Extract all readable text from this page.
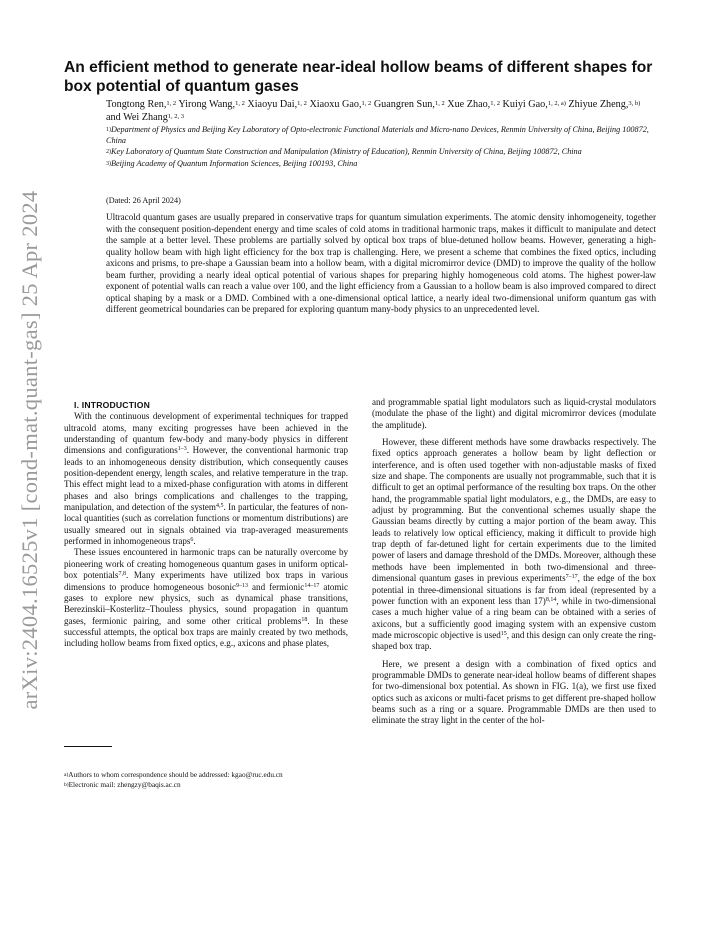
arXiv:2404.16525v1 [cond-mat.quant-gas] 25 Apr 2024
An efficient method to generate near-ideal hollow beams of different shapes for box potential of quantum gases
Tongtong Ren,$^{1, 2}$ Yirong Wang,$^{1, 2}$ Xiaoyu Dai,$^{1, 2}$ Xiaoxu Gao,$^{1, 2}$ Guangren Sun,$^{1, 2}$ Xue Zhao,$^{1, 2}$ Kuiyi Gao,$^{1, 2, a)}$ Zhiyue Zheng,$^{3, b)}$ and Wei Zhang$^{1, 2, 3}$

$^{1)}$Department of Physics and Beijing Key Laboratory of Opto-electronic Functional Materials and Micro-nano Devices, Renmin University of China, Beijing 100872, China

$^{2)}$Key Laboratory of Quantum State Construction and Manipulation (Ministry of Education), Renmin University of China, Beijing 100872, China

$^{3)}$Beijing Academy of Quantum Information Sciences, Beijing 100193, China

(Dated: 26 April 2024)

Ultracold quantum gases are usually prepared in conservative traps for quantum simulation experiments. The atomic density inhomogeneity, together with the consequent position-dependent energy and time scales of cold atoms in traditional harmonic traps, makes it difficult to manipulate and detect the sample at a better level. These problems are partially solved by optical box traps of blue-detuned hollow beams. However, generating a high-quality hollow beam with high light efficiency for the box trap is challenging. Here, we present a scheme that combines the fixed optics, including axicons and prisms, to pre-shape a Gaussian beam into a hollow beam, with a digital micromirror device (DMD) to improve the quality of the hollow beam further, providing a nearly ideal optical potential of various shapes for preparing highly homogeneous cold atoms. The highest power-law exponent of potential walls can reach a value over 100, and the light efficiency from a Gaussian to a hollow beam is also improved compared to direct optical shaping by a mask or a DMD. Combined with a one-dimensional optical lattice, a nearly ideal two-dimensional uniform quantum gas with different geometrical boundaries can be prepared for exploring quantum many-body physics to an unprecedented level.

I. INTRODUCTION

With the continuous development of experimental techniques for trapped ultracold atoms, many exciting progresses have been achieved in the understanding of quantum few-body and many-body physics in different dimensions and configurations$^{1-3}$. However, the conventional harmonic trap leads to an inhomogeneous density distribution, which consequently causes position-dependent energy, length scales, and relative temperature in the trap. This effect might lead to a mixed-phase configuration with atoms in different phases and also brings complications and challenges to the trapping, manipulation, and detection of the system$^{4,5}$. In particular, the features of non-local quantities (such as correlation functions or momentum distributions) are usually smeared out in signals obtained via trap-averaged measurements performed in inhomogeneous traps$^6$.

These issues encountered in harmonic traps can be naturally overcome by pioneering work of creating homogeneous quantum gases in uniform optical-box potentials$^{7,8}$. Many experiments have utilized box traps in various dimensions to produce homogeneous bosonic$^{9-13}$ and fermionic$^{14-17}$ atomic gases to explore new physics, such as dynamical phase transitions, Berezinskii–Kosterlitz–Thouless physics, sound propagation in quantum gases, fermionic pairing, and some other critical problems$^{18}$. In these successful attempts, the optical box traps are mainly created by two methods, including hollow beams from fixed optics, e.g., axicons and phase plates,

and programmable spatial light modulators such as liquid-crystal modulators (modulate the phase of the light) and digital micromirror devices (modulate the amplitude).

However, these different methods have some drawbacks respectively. The fixed optics approach generates a hollow beam by light deflection or interference, and is often used together with non-adjustable masks of fixed size and shape. The components are usually not programmable, such that it is difficult to get an optimal performance of the resulting box traps. On the other hand, the programmable spatial light modulators, e.g., the DMDs, are easy to adjust by programming. But the conventional schemes usually shape the Gaussian beams directly by cutting a major portion of the beam away. This leads to relatively low optical efficiency, making it difficult to provide high trap depth of far-detuned light for certain experiments due to the limited power of lasers and damage threshold of the DMDs. Moreover, although these methods have been implemented in both two-dimensional and three-dimensional quantum gases in previous experiments$^{7-17}$, the edge of the box potential in three-dimensional situations is far from ideal (represented by a power function with an exponent less than 17)$^{8,14}$, while in two-dimensional cases a much higher value of a ring beam can be obtained with a series of axicons, but a sufficiently good imaging system with an expensive custom made microscopic objective is used$^{15}$, and this design can only create the ring-shaped box trap.

Here, we present a design with a combination of fixed optics and programmable DMDs to generate near-ideal hollow beams of different shapes for two-dimensional box potential. As shown in FIG. 1(a), we first use fixed optics such as axicons or multi-facet prisms to get different pre-shaped hollow beams such as a ring or a square. Programmable DMDs are then used to eliminate the stray light in the center of the hol-

$^{a)}$Authors to whom correspondence should be addressed: kgao@ruc.edu.cn

$^{b)}$Electronic mail: zhengzy@baqis.ac.cn
